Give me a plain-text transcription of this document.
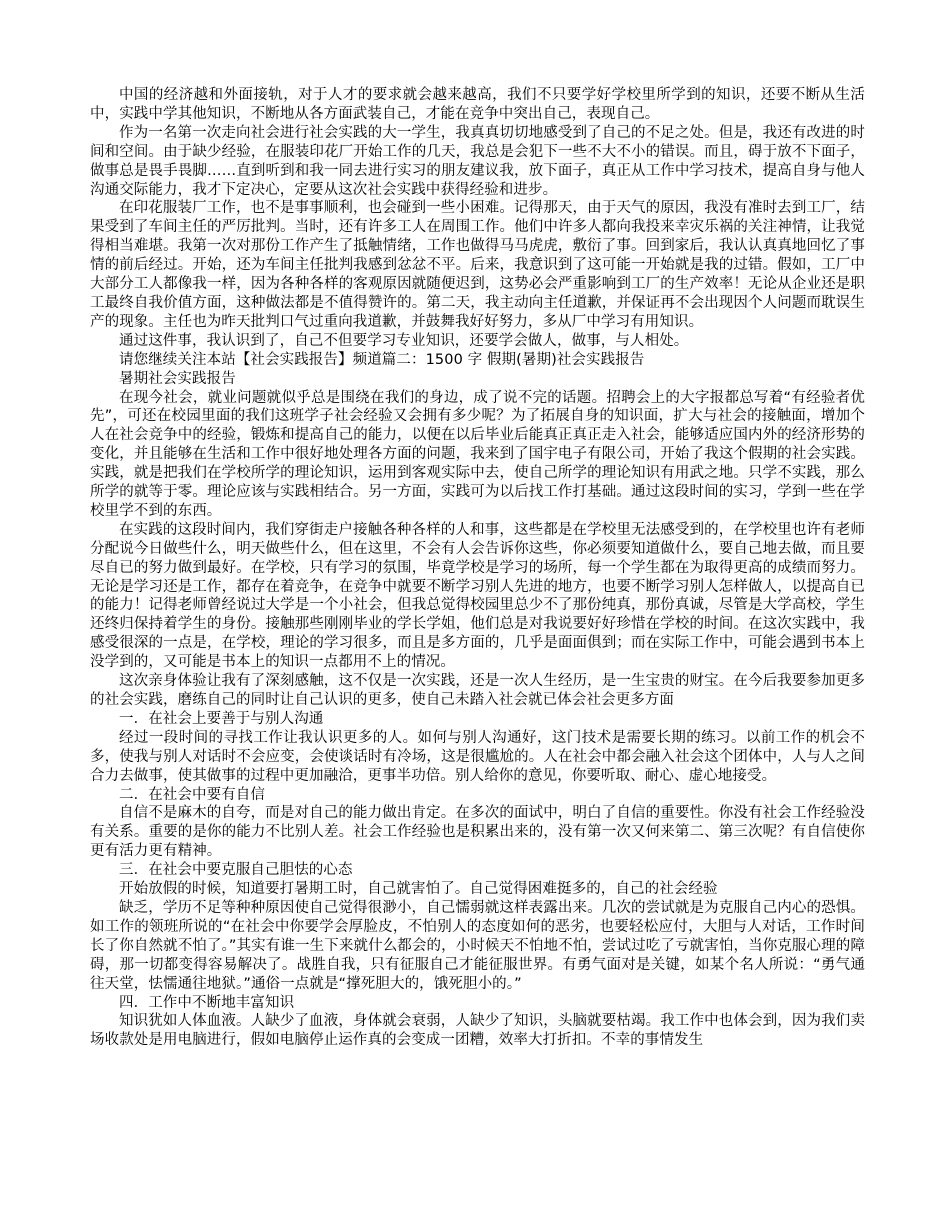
中国的经济越和外面接轨，对于人才的要求就会越来越高，我们不只要学好学校里所学到的知识，还要不断从生活中，实践中学其他知识，不断地从各方面武装自己，才能在竞争中突出自己，表现自己。

作为一名第一次走向社会进行社会实践的大一学生，我真真切切地感受到了自己的不足之处。但是，我还有改进的时间和空间。由于缺少经验，在服装印花厂开始工作的几天，我总是会犯下一些不大不小的错误。而且，碍于放不下面子，做事总是畏手畏脚……直到听到和我一同去进行实习的朋友建议我，放下面子，真正从工作中学习技术，提高自身与他人沟通交际能力，我才下定决心，定要从这次社会实践中获得经验和进步。

在印花服装厂工作，也不是事事顺利，也会碰到一些小困难。记得那天，由于天气的原因，我没有准时去到工厂，结果受到了车间主任的严厉批判。当时，还有许多工人在周围工作。他们中许多人都向我投来幸灾乐祸的关注神情，让我觉得相当难堪。我第一次对那份工作产生了抵触情绪，工作也做得马马虎虎，敷衍了事。回到家后，我认认真真地回忆了事情的前后经过。开始，还为车间主任批判我感到忿忿不平。后来，我意识到了这可能一开始就是我的过错。假如，工厂中大部分工人都像我一样，因为各种各样的客观原因就随便迟到，这势必会严重影响到工厂的生产效率！无论从企业还是职工最终自我价值方面，这种做法都是不值得赞许的。第二天，我主动向主任道歉，并保证再不会出现因个人问题而耽误生产的现象。主任也为昨天批判口气过重向我道歉，并鼓舞我好好努力，多从厂中学习有用知识。

通过这件事，我认识到了，自己不但要学习专业知识，还要学会做人，做事，与人相处。

请您继续关注本站【社会实践报告】频道篇二：1500 字 假期(暑期)社会实践报告

暑期社会实践报告

在现今社会，就业问题就似乎总是围绕在我们的身边，成了说不完的话题。招聘会上的大字报都总写着“有经验者优先”，可还在校园里面的我们这班学子社会经验又会拥有多少呢？为了拓展自身的知识面，扩大与社会的接触面，增加个人在社会竞争中的经验，锻炼和提高自己的能力，以便在以后毕业后能真正真正走入社会，能够适应国内外的经济形势的变化，并且能够在生活和工作中很好地处理各方面的问题，我来到了国宇电子有限公司，开始了我这个假期的社会实践。实践，就是把我们在学校所学的理论知识，运用到客观实际中去，使自己所学的理论知识有用武之地。只学不实践，那么所学的就等于零。理论应该与实践相结合。另一方面，实践可为以后找工作打基础。通过这段时间的实习，学到一些在学校里学不到的东西。

在实践的这段时间内，我们穿街走户接触各种各样的人和事，这些都是在学校里无法感受到的，在学校里也许有老师分配说今日做些什么，明天做些什么，但在这里，不会有人会告诉你这些，你必须要知道做什么，要自己地去做，而且要尽自已的努力做到最好。在学校，只有学习的氛围，毕竟学校是学习的场所，每一个学生都在为取得更高的成绩而努力。无论是学习还是工作，都存在着竞争，在竞争中就要不断学习别人先进的地方，也要不断学习别人怎样做人，以提高自已的能力！记得老师曾经说过大学是一个小社会，但我总觉得校园里总少不了那份纯真，那份真诚，尽管是大学高校，学生还终归保持着学生的身份。接触那些刚刚毕业的学长学姐，他们总是对我说要好好珍惜在学校的时间。在这次实践中，我感受很深的一点是，在学校，理论的学习很多，而且是多方面的，几乎是面面俱到；而在实际工作中，可能会遇到书本上没学到的，又可能是书本上的知识一点都用不上的情况。

这次亲身体验让我有了深刻感触，这不仅是一次实践，还是一次人生经历，是一生宝贵的财宝。在今后我要参加更多的社会实践，磨练自己的同时让自己认识的更多，使自己未踏入社会就已体会社会更多方面

一．在社会上要善于与别人沟通

经过一段时间的寻找工作让我认识更多的人。如何与别人沟通好，这门技术是需要长期的练习。以前工作的机会不多，使我与别人对话时不会应变，会使谈话时有冷场，这是很尴尬的。人在社会中都会融入社会这个团体中，人与人之间合力去做事，使其做事的过程中更加融洽，更事半功倍。别人给你的意见，你要听取、耐心、虚心地接受。

二．在社会中要有自信

自信不是麻木的自夸，而是对自己的能力做出肯定。在多次的面试中，明白了自信的重要性。你没有社会工作经验没有关系。重要的是你的能力不比别人差。社会工作经验也是积累出来的，没有第一次又何来第二、第三次呢？有自信使你更有活力更有精神。

三．在社会中要克服自己胆怯的心态

开始放假的时候，知道要打暑期工时，自己就害怕了。自己觉得困难挺多的，自己的社会经验

缺乏，学历不足等种种原因使自己觉得很渺小，自己懦弱就这样表露出来。几次的尝试就是为克服自己内心的恐惧。如工作的领班所说的“在社会中你要学会厚脸皮，不怕别人的态度如何的恶劣，也要轻松应付，大胆与人对话，工作时间长了你自然就不怕了。”其实有谁一生下来就什么都会的，小时候天不怕地不怕，尝试过吃了亏就害怕，当你克服心理的障碍，那一切都变得容易解决了。战胜自我，只有征服自己才能征服世界。有勇气面对是关键，如某个名人所说：“勇气通往天堂，怯懦通往地狱。”通俗一点就是“撑死胆大的，饿死胆小的。”

四．工作中不断地丰富知识

知识犹如人体血液。人缺少了血液，身体就会衰弱，人缺少了知识，头脑就要枯竭。我工作中也体会到，因为我们卖场收款处是用电脑进行，假如电脑停止运作真的会变成一团糟，效率大打折扣。不幸的事情发生
